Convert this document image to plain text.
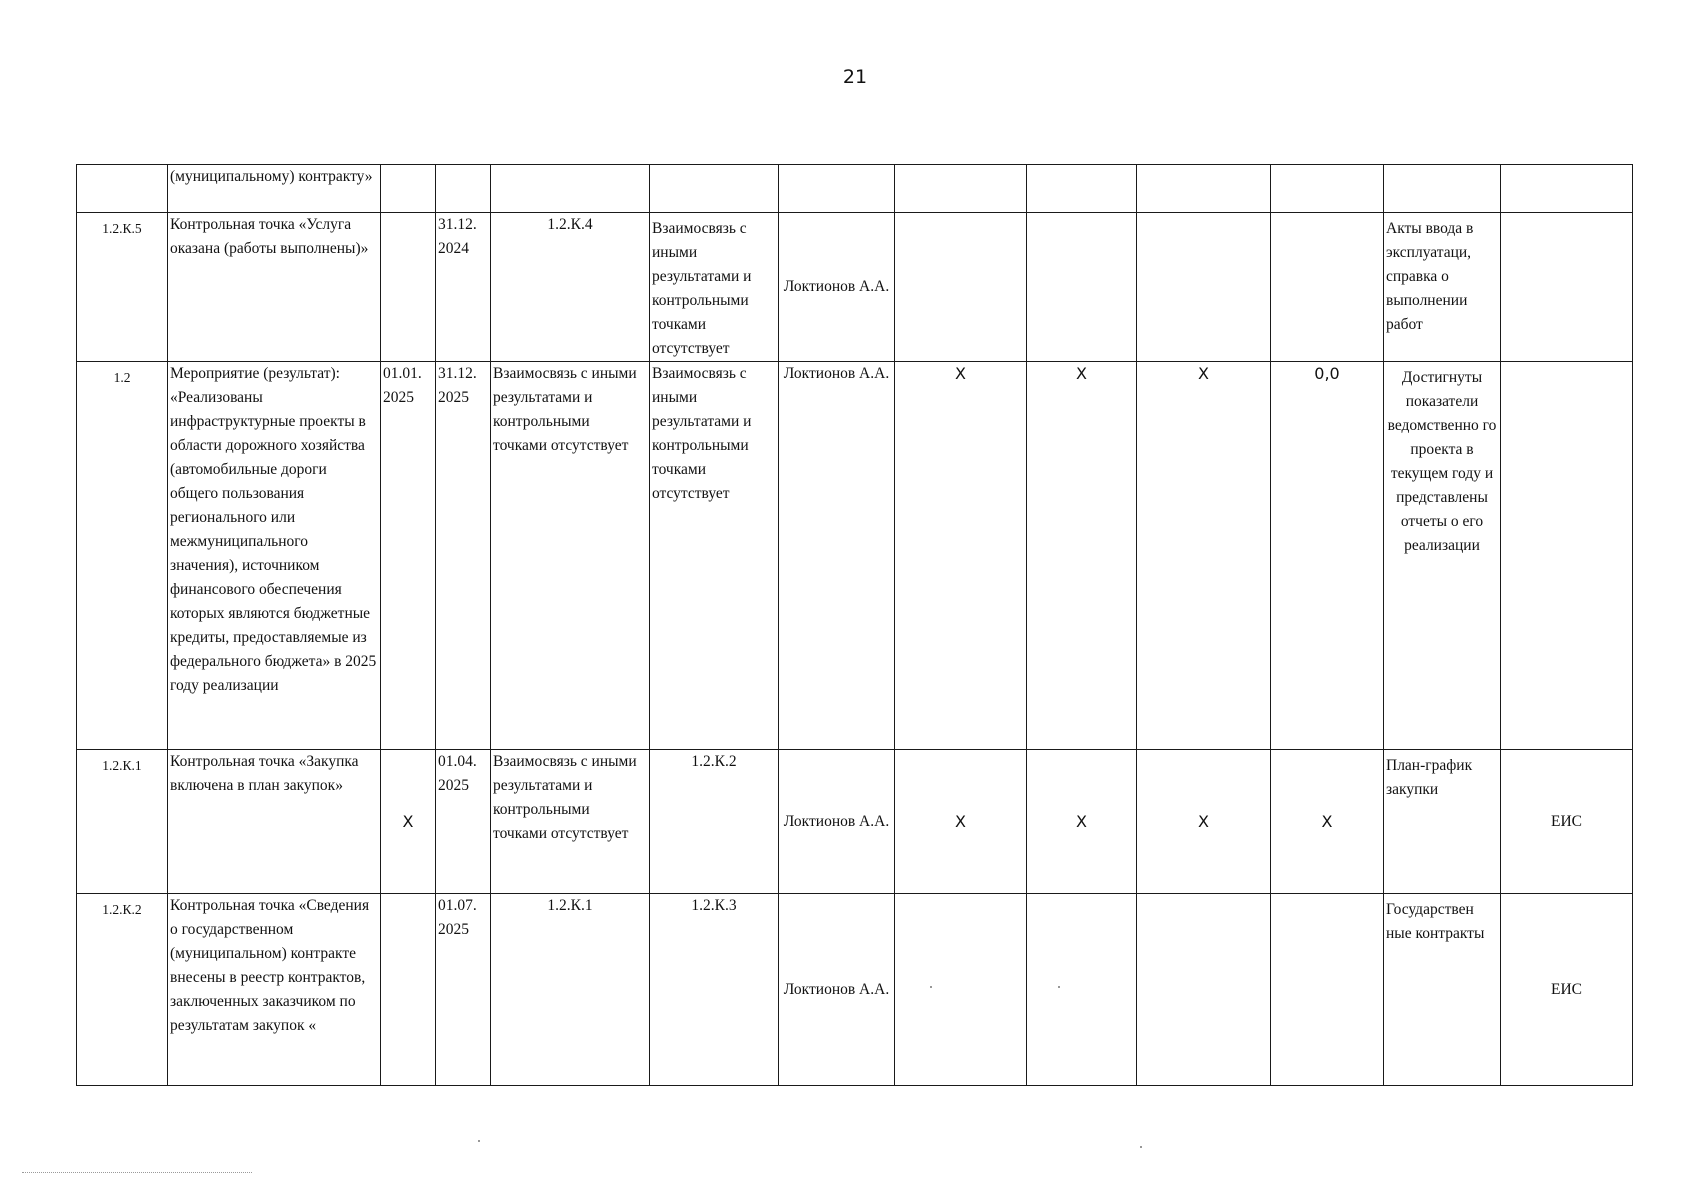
21
	(муниципальному) контракту»											
1.2.К.5	Контрольная точка «Услуга оказана (работы выполнены)»		31.12. 2024	1.2.К.4	Взаимосвязь с иными результатами и контрольными точками отсутствует	Локтионов А.А.					Акты ввода в эксплуатаци, справка о выполнении работ	
1.2	Мероприятие (результат): «Реализованы инфраструктурные проекты в области дорожного хозяйства (автомобильные дороги общего пользования регионального или межмуниципального значения), источником финансового обеспечения которых являются бюджетные кредиты, предоставляемые из федерального бюджета» в 2025 году реализации	01.01. 2025	31.12. 2025	Взаимосвязь с иными результатами и контрольными точками отсутствует	Взаимосвязь с иными результатами и контрольными точками отсутствует	Локтионов А.А.	X	X	X	0,0	Достигнуты показатели ведомственно го проекта в текущем году и представлены отчеты о его реализации	
1.2.К.1	Контрольная точка «Закупка включена в план закупок»	X	01.04. 2025	Взаимосвязь с иными результатами и контрольными точками отсутствует	1.2.К.2	Локтионов А.А.	X	X	X	X	План-график закупки	ЕИС
1.2.К.2	Контрольная точка «Сведения о государственном (муниципальном) контракте внесены в реестр контрактов, заключенных заказчиком по результатам закупок «		01.07. 2025	1.2.К.1	1.2.К.3	Локтионов А.А.					Государствен ные контракты	ЕИС
